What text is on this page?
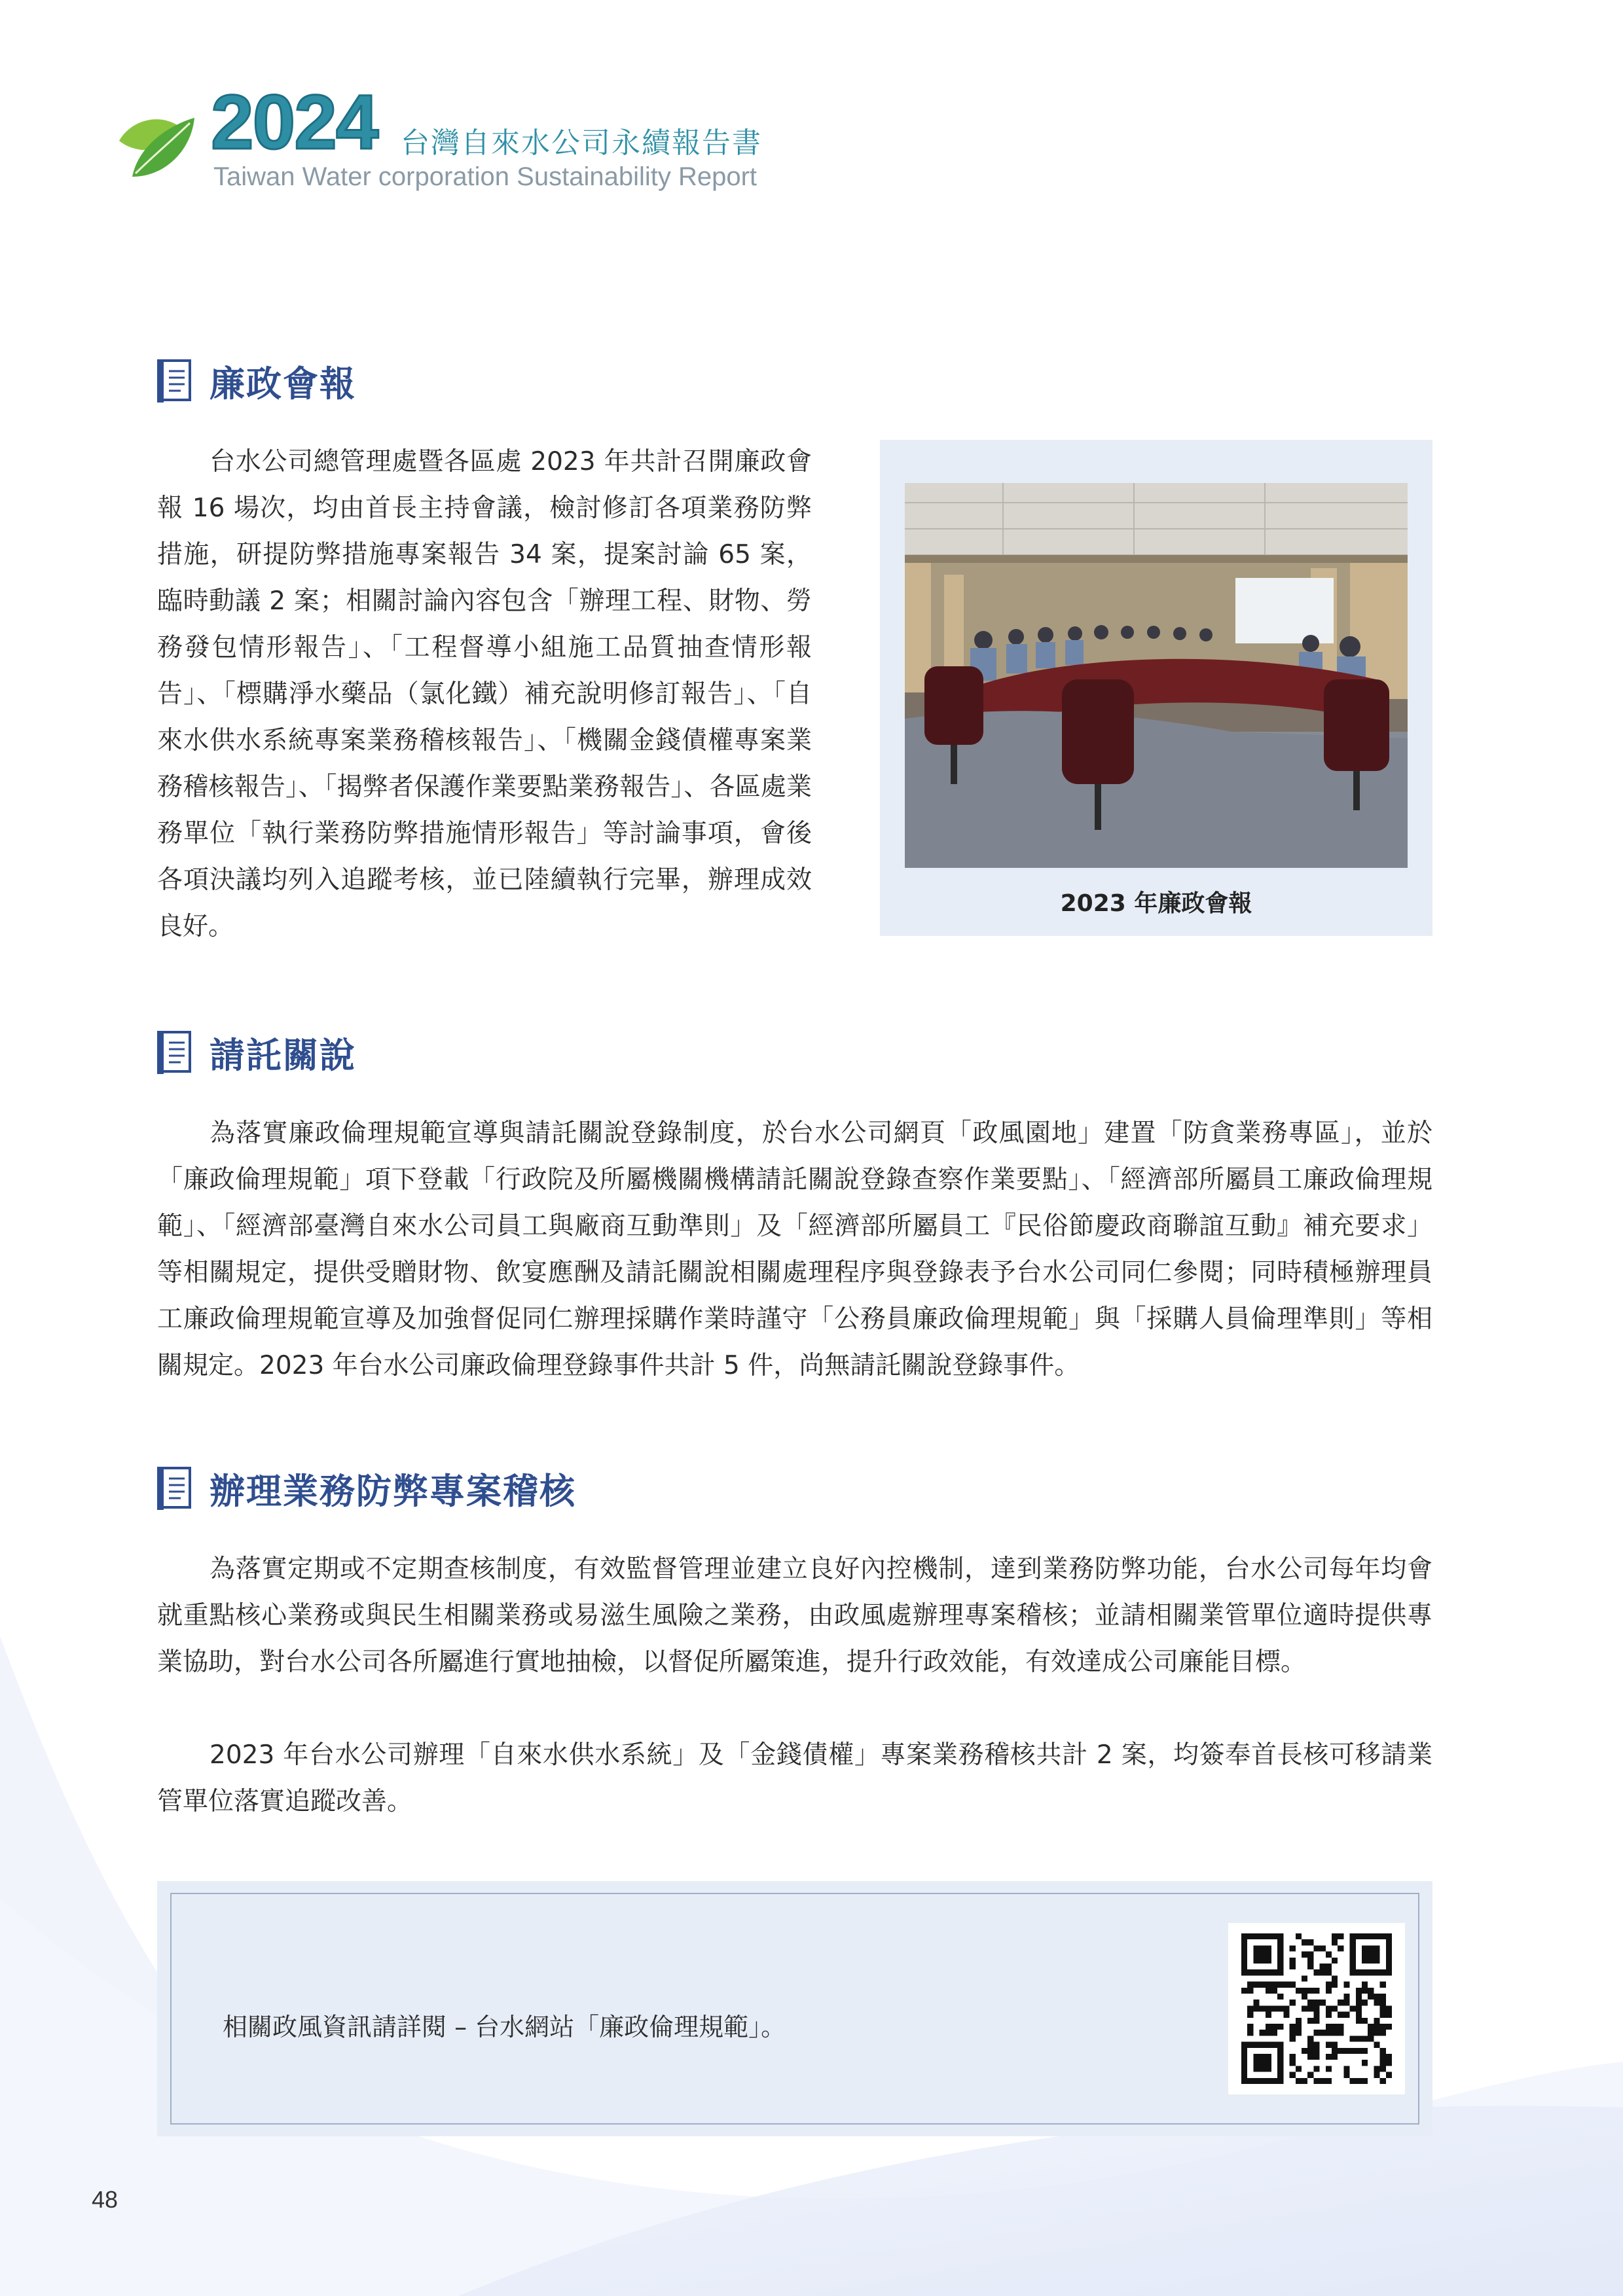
2024 台灣自來水公司永續報告書
Taiwan Water corporation Sustainability Report
廉政會報

台水公司總管理處暨各區處 2023 年共計召開廉政會報 16 場次，均由首長主持會議，檢討修訂各項業務防弊措施，研提防弊措施專案報告 34 案，提案討論 65 案，臨時動議 2 案；相關討論內容包含「辦理工程、財物、勞務發包情形報告」、「工程督導小組施工品質抽查情形報告」、「標購淨水藥品（氯化鐵）補充說明修訂報告」、「自來水供水系統專案業務稽核報告」、「機關金錢債權專案業務稽核報告」、「揭弊者保護作業要點業務報告」、各區處業務單位「執行業務防弊措施情形報告」等討論事項，會後各項決議均列入追蹤考核，並已陸續執行完畢，辦理成效良好。

2023 年廉政會報
請託關說

為落實廉政倫理規範宣導與請託關說登錄制度，於台水公司網頁「政風園地」建置「防貪業務專區」，並於「廉政倫理規範」項下登載「行政院及所屬機關機構請託關說登錄查察作業要點」、「經濟部所屬員工廉政倫理規範」、「經濟部臺灣自來水公司員工與廠商互動準則」及「經濟部所屬員工『民俗節慶政商聯誼互動』補充要求」等相關規定，提供受贈財物、飲宴應酬及請託關說相關處理程序與登錄表予台水公司同仁參閱；同時積極辦理員工廉政倫理規範宣導及加強督促同仁辦理採購作業時謹守「公務員廉政倫理規範」與「採購人員倫理準則」等相關規定。2023 年台水公司廉政倫理登錄事件共計 5 件，尚無請託關說登錄事件。

辦理業務防弊專案稽核

為落實定期或不定期查核制度，有效監督管理並建立良好內控機制，達到業務防弊功能，台水公司每年均會就重點核心業務或與民生相關業務或易滋生風險之業務，由政風處辦理專案稽核；並請相關業管單位適時提供專業協助，對台水公司各所屬進行實地抽檢，以督促所屬策進，提升行政效能，有效達成公司廉能目標。

2023 年台水公司辦理「自來水供水系統」及「金錢債權」專案業務稽核共計 2 案，均簽奉首長核可移請業管單位落實追蹤改善。

相關政風資訊請詳閱 – 台水網站「廉政倫理規範」。
48
